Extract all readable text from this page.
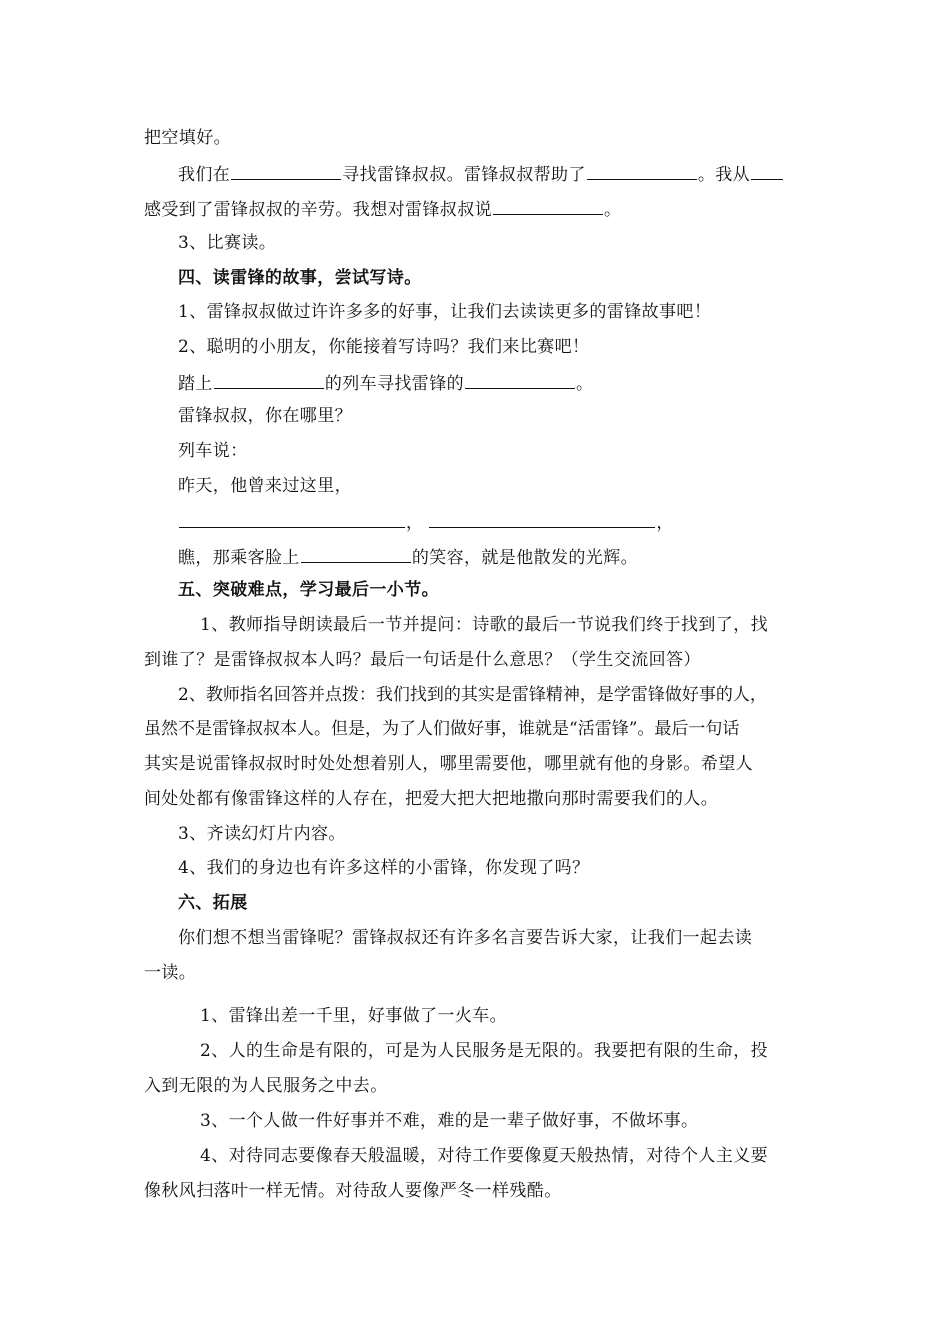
把空填好。
我们在	寻找雷锋叔叔。雷锋叔叔帮助了	。我从
感受到了雷锋叔叔的辛劳。我想对雷锋叔叔说	。
3、比赛读。
四、读雷锋的故事，尝试写诗。
1、雷锋叔叔做过许许多多的好事，让我们去读读更多的雷锋故事吧！
2、聪明的小朋友，你能接着写诗吗？我们来比赛吧！
踏上	的列车寻找雷锋的	。
雷锋叔叔，你在哪里？
列车说：
昨天，他曾来过这里，
，	，
瞧，那乘客脸上	的笑容，就是他散发的光辉。
五、突破难点，学习最后一小节。
1、教师指导朗读最后一节并提问：诗歌的最后一节说我们终于找到了，找
到谁了？是雷锋叔叔本人吗？最后一句话是什么意思？（学生交流回答）
2、教师指名回答并点拨：我们找到的其实是雷锋精神，是学雷锋做好事的人，
虽然不是雷锋叔叔本人。但是，为了人们做好事，谁就是“活雷锋”。最后一句话
其实是说雷锋叔叔时时处处想着别人，哪里需要他，哪里就有他的身影。希望人
间处处都有像雷锋这样的人存在，把爱大把大把地撒向那时需要我们的人。
3、齐读幻灯片内容。
4、我们的身边也有许多这样的小雷锋，你发现了吗？
六、拓展
你们想不想当雷锋呢？雷锋叔叔还有许多名言要告诉大家，让我们一起去读
一读。
1、雷锋出差一千里，好事做了一火车。
2、人的生命是有限的，可是为人民服务是无限的。我要把有限的生命，投
入到无限的为人民服务之中去。
3、一个人做一件好事并不难，难的是一辈子做好事，不做坏事。
4、对待同志要像春天般温暖，对待工作要像夏天般热情，对待个人主义要
像秋风扫落叶一样无情。对待敌人要像严冬一样残酷。
